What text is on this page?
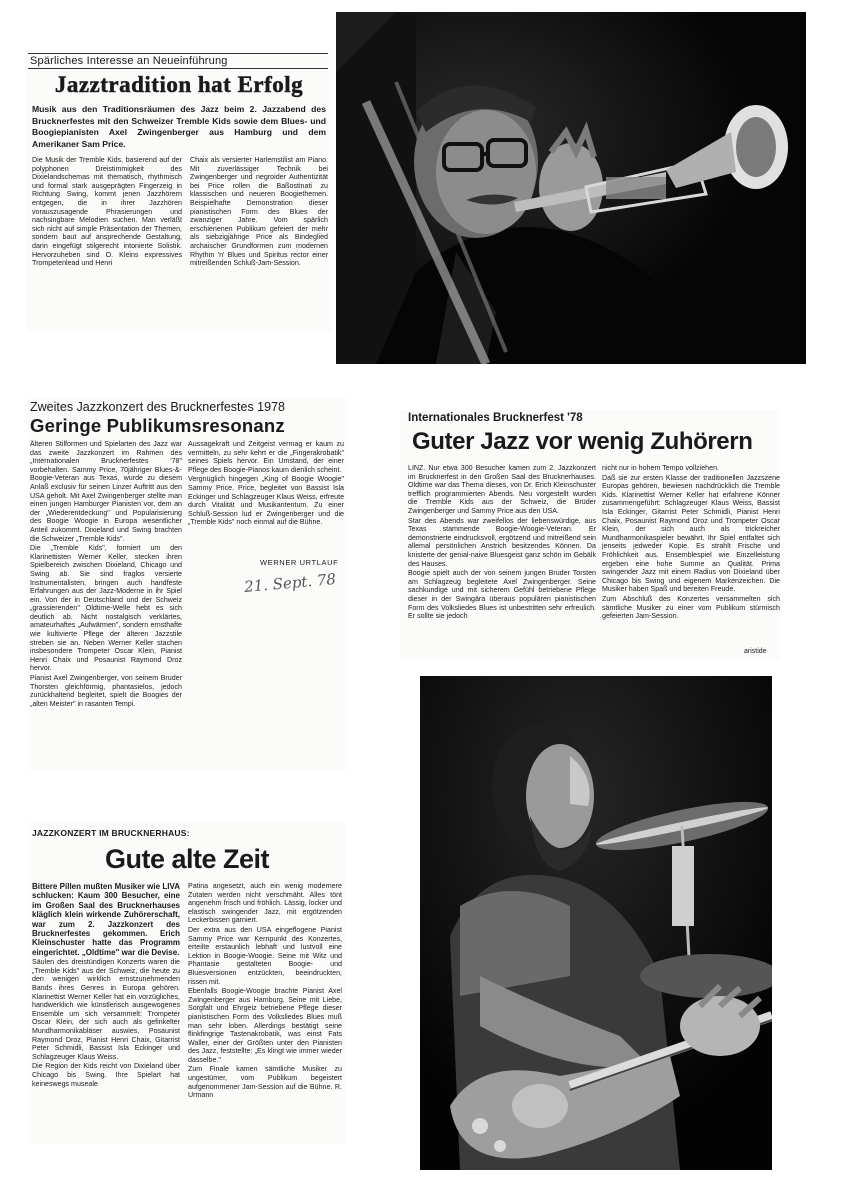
Spärliches Interesse an Neueinführung
Jazztradition hat Erfolg
Musik aus den Traditionsräumen des Jazz beim 2. Jazzabend des Brucknerfestes mit den Schweizer Tremble Kids sowie dem Blues- und Boogiepianisten Axel Zwingenberger aus Hamburg und dem Amerikaner Sam Price.

Die Musik der Tremble Kids, basierend auf der polyphonen Dreistimmigkeit des Dixielandschemas mit thematisch, rhythmisch und formal stark ausgeprägten Fingerzeig in Richtung Swing, kommt jenen Jazzhörern entgegen, die in ihrer Jazzhören vorauszusagende Phrasierungen und nachsingbare Melodien suchen. Man verläßt sich nicht auf simple Präsentation der Themen, sondern baut auf ansprechende Gestaltung, darin eingefügt stilgerecht intonierte Solistik. Hervorzuheben sind O. Kleins expressives Trompetenlead und Henri

Chaix als versierter Harlemstilist am Piano. Mit zuverlässiger Technik bei Zwingenberger und negroider Authentizität bei Price rollen die Baßostinati zu klassischen und neueren Boogiethemen. Beispielhafte Demonstration dieser pianistischen Form des Blues der zwanziger Jahre. Vom spärlich erschienenen Publikum gefeiert der mehr als siebzigjährige Price als Bindeglied archaischer Grundformen zum modernen Rhythm 'n' Blues und Spiritus rector einer mitreißenden Schluß-Jam-Session.

Zweites Jazzkonzert des Brucknerfestes 1978
Geringe Publikumsresonanz

Älteren Stilformen und Spielarten des Jazz war das zweite Jazzkonzert im Rahmen des „Internationalen Brucknerfestes '78" vorbehalten. Sammy Price, 70jähriger Blues-&-Boogie-Veteran aus Texas, wurde zu diesem Anlaß exclusiv für seinen Linzer Auftritt aus den USA geholt. Mit Axel Zwingenberger stellte man einen jungen Hamburger Pianisten vor, dem an der „Wiederentdeckung" und Popularisierung des Boogie Woogie in Europa wesentlicher Anteil zukommt. Dixieland und Swing brachten die Schweizer „Tremble Kids".

Die „Tremble Kids", formiert um den Klarinettisten Werner Keller, stecken ihren Spielbereich zwischen Dixieland, Chicago und Swing ab. Sie sind fraglos versierte Instrumentalisten, bringen auch handfeste Erfahrungen aus der Jazz-Moderne in ihr Spiel ein. Von der in Deutschland und der Schweiz „grassierenden" Oldtime-Welle hebt es sich deutlich ab. Nicht nostalgisch verklärtes, amateurhaftes „Aufwärmen", sondern ernsthafte wie kultivierte Pflege der älteren Jazzstile streben sie an. Neben Werner Keller stachen insbesondere Trompeter Oscar Klein, Pianist Henri Chaix und Posaunist Raymond Droz hervor.

Pianist Axel Zwingenberger, von seinem Bruder Thorsten gleichförmig, phantasielos, jedoch zurückhaltend begleitet, spielt die Boogies der „alten Meister" in rasanten Tempi.

Aussagekraft und Zeitgeist vermag er kaum zu vermitteln, zu sehr kehrt er die „Fingerakrobatik" seines Spiels hervor. Ein Umstand, der einer Pflege des Boogie-Pianos kaum dienlich scheint.

Vergnüglich hingegen „King of Boogie Woogie" Sammy Price. Price, begleitet von Bassist Isla Eckinger und Schlagzeuger Klaus Weiss, erfreute durch Vitalität und Musikantentum. Zu einer Schluß-Session lud er Zwingenberger und die „Tremble Kids" noch einmal auf die Bühne.

WERNER URTLAUF
21. Sept. 78
Internationales Brucknerfest '78
Guter Jazz vor wenig Zuhörern

LINZ. Nur etwa 300 Besucher kamen zum 2. Jazzkonzert im Brucknerfest in den Großen Saal des Brucknerhauses. Oldtime war das Thema dieses, von Dr. Erich Kleinschuster trefflich programmierten Abends. Neu vorgestellt wurden die Tremble Kids aus der Schweiz, die Brüder Zwingenberger und Sammy Price aus den USA.

Star des Abends war zweifellos der liebenswürdige, aus Texas stammende Boogie-Woogie-Veteran. Er demonstrierte eindrucksvoll, ergötzend und mitreißend sein allemal persönlichen Anstrich besitzendes Können. Da knisterte der genial-naive Bluesgeist ganz schön im Gebälk des Hauses.

Boogie spielt auch der von seinem jungen Bruder Torsten am Schlagzeug begleitete Axel Zwingenberger. Seine sachkundige und mit sicherem Gefühl betriebene Pflege dieser in der Swingära überaus populären pianistischen Form des Volksliedes Blues ist unbestritten sehr erfreulich. Er sollte sie jedoch

nicht nur in hohem Tempo vollziehen.

Daß sie zur ersten Klasse der traditionellen Jazzszene Europas gehören, bewiesen nachdrücklich die Tremble Kids. Klarinettist Werner Keller hat erfahrene Könner zusammengeführt: Schlagzeuger Klaus Weiss, Bassist Isla Eckinger, Gitarrist Peter Schmidli, Pianist Henri Chaix, Posaunist Raymond Droz und Trompeter Oscar Klein, der sich auch als trickreicher Mundharmonikaspieler bewährt. Ihr Spiel entfaltet sich jenseits jedweder Kopie. Es strahlt Frische und Fröhlichkeit aus. Ensemblespiel wie Einzelleistung ergeben eine hohe Summe an Qualität. Prima swingender Jazz mit einem Radius von Dixieland über Chicago bis Swing und eigenem Markenzeichen. Die Musiker haben Spaß und bereiten Freude.

Zum Abschluß des Konzertes versammelten sich sämtliche Musiker zu einer vom Publikum stürmisch gefeierten Jam-Session.

aristide
JAZZKONZERT IM BRUCKNERHAUS:
Gute alte Zeit

Bittere Pillen mußten Musiker wie LIVA schlucken: Kaum 300 Besucher, eine im Großen Saal des Brucknerhauses kläglich klein wirkende Zuhörerschaft, war zum 2. Jazzkonzert des Brucknerfestes gekommen. Erich Kleinschuster hatte das Programm eingerichtet. „Oldtime" war die Devise.

Säulen des dreistündigen Konzerts waren die „Tremble Kids" aus der Schweiz, die heute zu den wenigen wirklich ernstzunehmenden Bands ihres Genres in Europa gehören. Klarinettist Werner Keller hat ein vorzügliches, handwerklich wie künstlerisch ausgewogenes Ensemble um sich versammelt: Trompeter Oscar Klein, der sich auch als gefinkelter Mundharmonikabläser auswies, Posaunist Raymond Droz, Pianist Henri Chaix, Gitarrist Peter Schmidli, Bassist Isla Eckinger und Schlagzeuger Klaus Weiss.

Die Region der Kids reicht von Dixieland über Chicago bis Swing. Ihre Spielart hat keineswegs museale

Patina angesetzt, auch ein wenig modernere Zutaten werden nicht verschmäht. Alles tönt angenehm frisch und fröhlich. Lässig, locker und elastisch swingender Jazz, mit ergötzenden Leckerbissen garniert.

Der extra aus den USA eingeflogene Pianist Sammy Price war Kernpunkt des Konzertes, erteilte erstaunlich lebhaft und lustvoll eine Lektion in Boogie-Woogie. Seine mit Witz und Phantasie gestalteten Boogie- und Bluesversionen entzückten, beeindruckten, rissen mit.

Ebenfalls Boogie-Woogie brachte Pianist Axel Zwingenberger aus Hamburg. Seine mit Liebe, Sorgfalt und Ehrgeiz betriebene Pflege dieser pianistischen Form des Volksliedes Blues muß man sehr loben. Allerdings bestätigt seine flinkfingrige Tastenakrobatik, was einst Fats Waller, einer der Größten unter den Pianisten des Jazz, feststellte: „Es klingt wie immer wieder dasselbe."

Zum Finale kamen sämtliche Musiker zu ungestümer, vom Publikum begeistert aufgenommener Jam-Session auf die Bühne. R. Urmann
